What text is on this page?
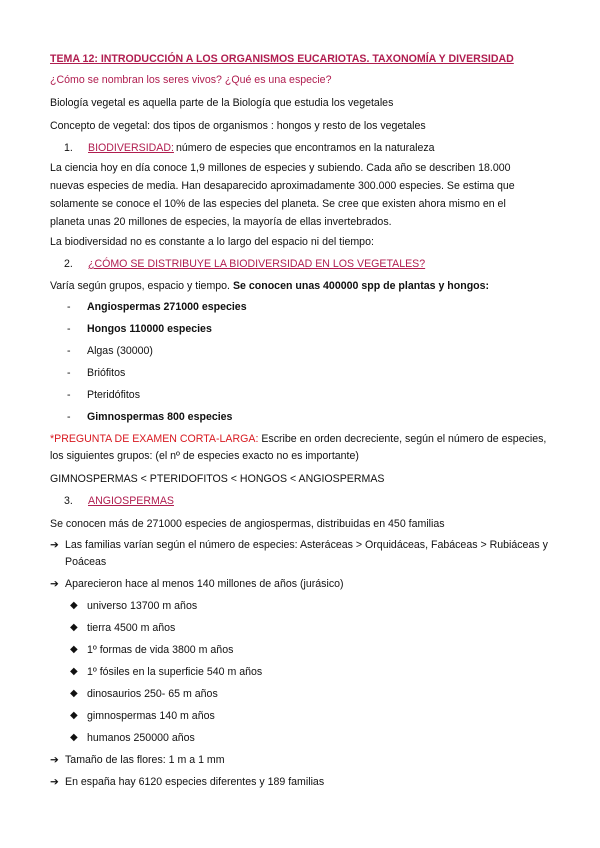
TEMA 12: INTRODUCCIÓN A LOS ORGANISMOS EUCARIOTAS. TAXONOMÍA Y DIVERSIDAD
¿Cómo se nombran los seres vivos? ¿Qué es una especie?
Biología vegetal es aquella parte de la Biología que estudia los vegetales
Concepto de vegetal: dos tipos de organismos : hongos y resto de los vegetales
1.	BIODIVERSIDAD: número de especies que encontramos en la naturaleza
La ciencia hoy en día conoce 1,9 millones de especies y subiendo. Cada año se describen 18.000
nuevas especies de media. Han desaparecido aproximadamente 300.000 especies. Se estima que
solamente se conoce el 10% de las especies del planeta. Se cree que existen ahora mismo en el
planeta unas 20 millones de especies, la mayoría de ellas invertebrados.
La biodiversidad no es constante a lo largo del espacio ni del tiempo:
2.	¿CÓMO SE DISTRIBUYE LA BIODIVERSIDAD EN LOS VEGETALES?
Varía según grupos, espacio y tiempo. Se conocen unas 400000 spp de plantas y hongos:
- Angiospermas 271000 especies
- Hongos 110000 especies
- Algas (30000)
- Briófitos
- Pteridófitos
- Gimnospermas 800 especies
*PREGUNTA DE EXAMEN CORTA-LARGA: Escribe en orden decreciente, según el número de especies,
los siguientes grupos: (el nº de especies exacto no es importante)
GIMNOSPERMAS < PTERIDOFITOS < HONGOS < ANGIOSPERMAS
3.	ANGIOSPERMAS
Se conocen más de 271000 especies de angiospermas, distribuidas en 450 familias
➔ Las familias varían según el número de especies: Asteráceas > Orquidáceas, Fabáceas > Rubiáceas y
Poáceas
➔ Aparecieron hace al menos 140 millones de años (jurásico)
◆ universo 13700 m años
◆ tierra 4500 m años
◆ 1º formas de vida 3800 m años
◆ 1º fósiles en la superficie 540 m años
◆ dinosaurios 250- 65 m años
◆ gimnospermas 140 m años
◆ humanos 250000 años
➔ Tamaño de las flores: 1 m a 1 mm
➔ En españa hay 6120 especies diferentes y 189 familias
